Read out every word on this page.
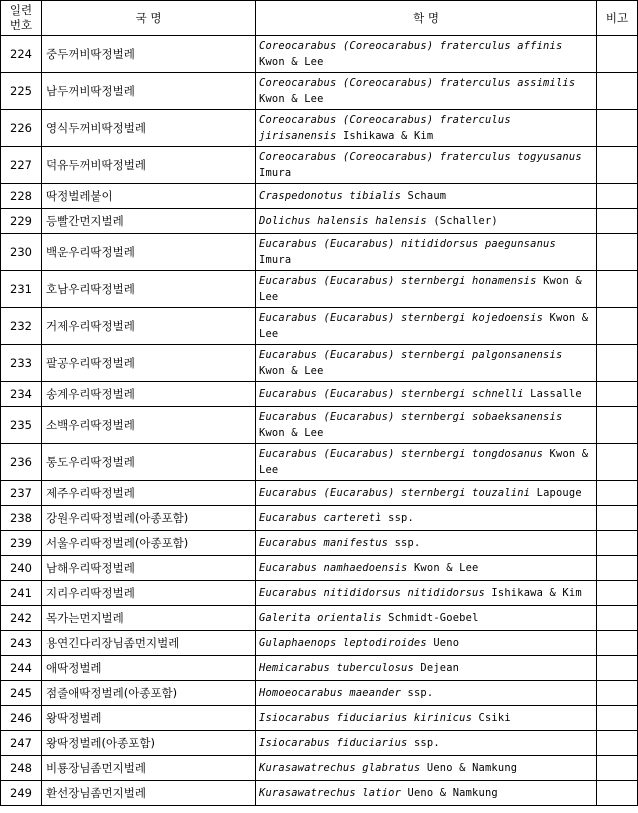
일련
번호	국 명	학 명	비고
224	중두꺼비딱정벌레	Coreocarabus (Coreocarabus) fraterculus affinis Kwon & Lee	
225	남두꺼비딱정벌레	Coreocarabus (Coreocarabus) fraterculus assimilis Kwon & Lee	
226	영식두꺼비딱정벌레	Coreocarabus (Coreocarabus) fraterculus jirisanensis Ishikawa & Kim	
227	덕유두꺼비딱정벌레	Coreocarabus (Coreocarabus) fraterculus togyusanus Imura	
228	딱정벌레붙이	Craspedonotus tibialis Schaum	
229	등빨간먼지벌레	Dolichus halensis halensis (Schaller)	
230	백운우리딱정벌레	Eucarabus (Eucarabus) nitididorsus paegunsanus Imura	
231	호남우리딱정벌레	Eucarabus (Eucarabus) sternbergi honamensis Kwon & Lee	
232	거제우리딱정벌레	Eucarabus (Eucarabus) sternbergi kojedoensis Kwon & Lee	
233	팔공우리딱정벌레	Eucarabus (Eucarabus) sternbergi palgonsanensis Kwon & Lee	
234	송계우리딱정벌레	Eucarabus (Eucarabus) sternbergi schnelli Lassalle	
235	소백우리딱정벌레	Eucarabus (Eucarabus) sternbergi sobaeksanensis Kwon & Lee	
236	통도우리딱정벌레	Eucarabus (Eucarabus) sternbergi tongdosanus Kwon & Lee	
237	제주우리딱정벌레	Eucarabus (Eucarabus) sternbergi touzalini Lapouge	
238	강원우리딱정벌레(아종포함)	Eucarabus carteretì ssp.	
239	서울우리딱정벌레(아종포함)	Eucarabus manifestus ssp.	
240	남해우리딱정벌레	Eucarabus namhaedoensis Kwon & Lee	
241	지리우리딱정벌레	Eucarabus nitididorsus nitididorsus Ishikawa & Kim	
242	목가는먼지벌레	Galerita orientalis Schmidt-Goebel	
243	용연긴다리장님좀먼지벌레	Gulaphaenops leptodiroides Ueno	
244	애딱정벌레	Hemicarabus tuberculosus Dejean	
245	점줄애딱정벌레(아종포함)	Homoeocarabus maeander ssp.	
246	왕딱정벌레	Isiocarabus fiduciarius kirinicus Csiki	
247	왕딱정벌레(아종포함)	Isiocarabus fiduciarius ssp.	
248	비룡장님좀먼지벌레	Kurasawatrechus glabratus Ueno & Namkung	
249	환선장님좀먼지벌레	Kurasawatrechus latior Ueno & Namkung	
